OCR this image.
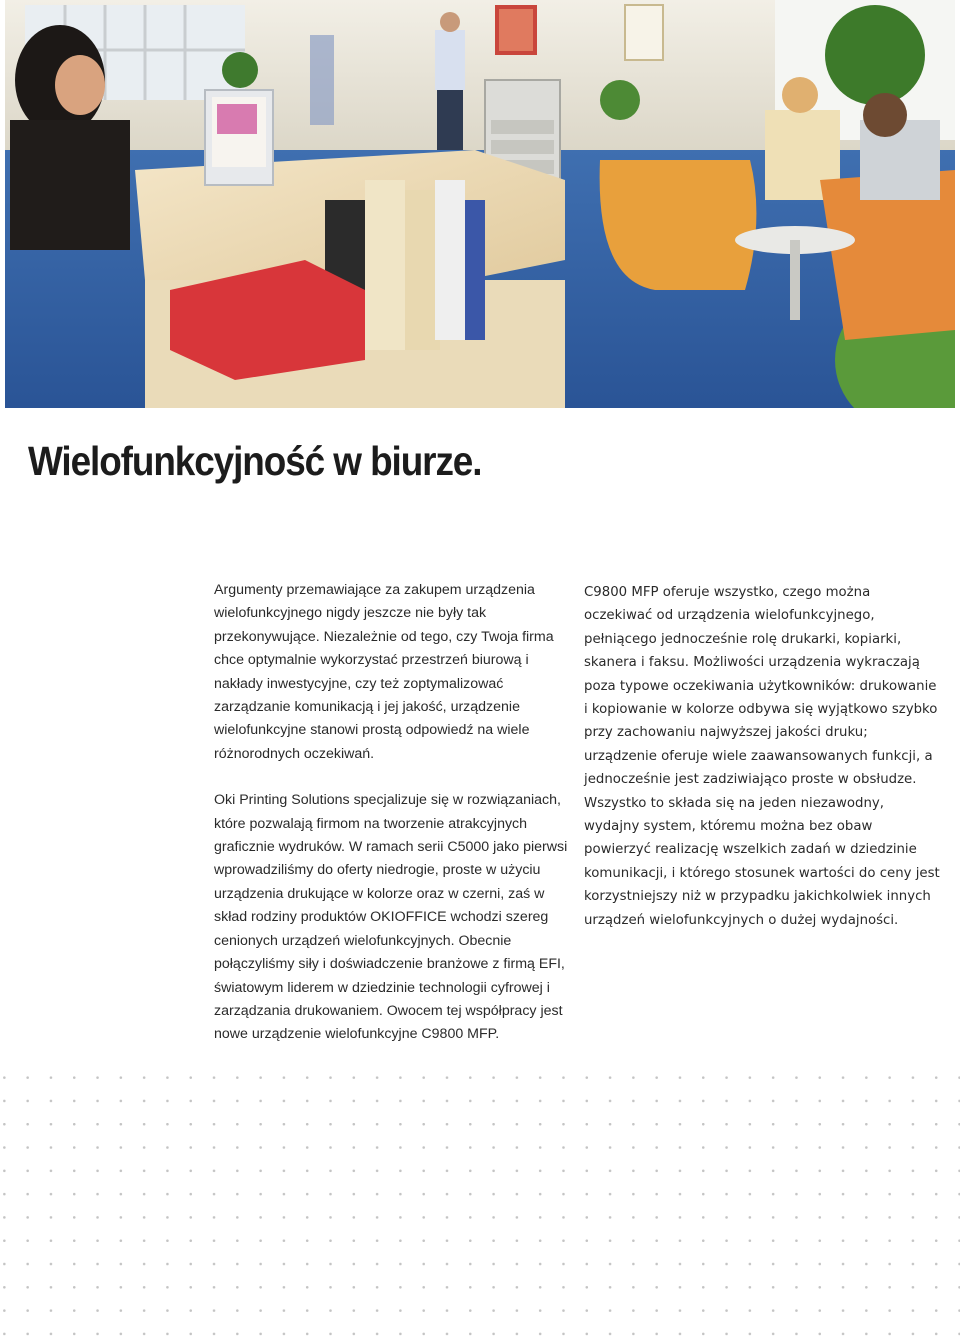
Wielofunkcyjność w biurze.

Argumenty przemawiające za zakupem urządzenia wielofunkcyjnego nigdy jeszcze nie były tak przekonywujące. Niezależnie od tego, czy Twoja firma chce optymalnie wykorzystać przestrzeń biurową i nakłady inwestycyjne, czy też zoptymalizować zarządzanie komunikacją i jej jakość, urządzenie wielofunkcyjne stanowi prostą odpowiedź na wiele różnorodnych oczekiwań.

Oki Printing Solutions specjalizuje się w rozwiązaniach, które pozwalają firmom na tworzenie atrakcyjnych graficznie wydruków. W ramach serii C5000 jako pierwsi wprowadziliśmy do oferty niedrogie, proste w użyciu urządzenia drukujące w kolorze oraz w czerni, zaś w skład rodziny produktów OKIOFFICE wchodzi szereg cenionych urządzeń wielofunkcyjnych. Obecnie połączyliśmy siły i doświadczenie branżowe z firmą EFI, światowym liderem w dziedzinie technologii cyfrowej i zarządzania drukowaniem. Owocem tej współpracy jest nowe urządzenie wielofunkcyjne C9800 MFP.

C9800 MFP oferuje wszystko, czego można oczekiwać od urządzenia wielofunkcyjnego, pełniącego jednocześnie rolę drukarki, kopiarki, skanera i faksu. Możliwości urządzenia wykraczają poza typowe oczekiwania użytkowników: drukowanie i kopiowanie w kolorze odbywa się wyjątkowo szybko przy zachowaniu najwyższej jakości druku; urządzenie oferuje wiele zaawansowanych funkcji, a jednocześnie jest zadziwiająco proste w obsłudze. Wszystko to składa się na jeden niezawodny, wydajny system, któremu można bez obaw powierzyć realizację wszelkich zadań w dziedzinie komunikacji, i którego stosunek wartości do ceny jest korzystniejszy niż w przypadku jakichkolwiek innych urządzeń wielofunkcyjnych o dużej wydajności.
